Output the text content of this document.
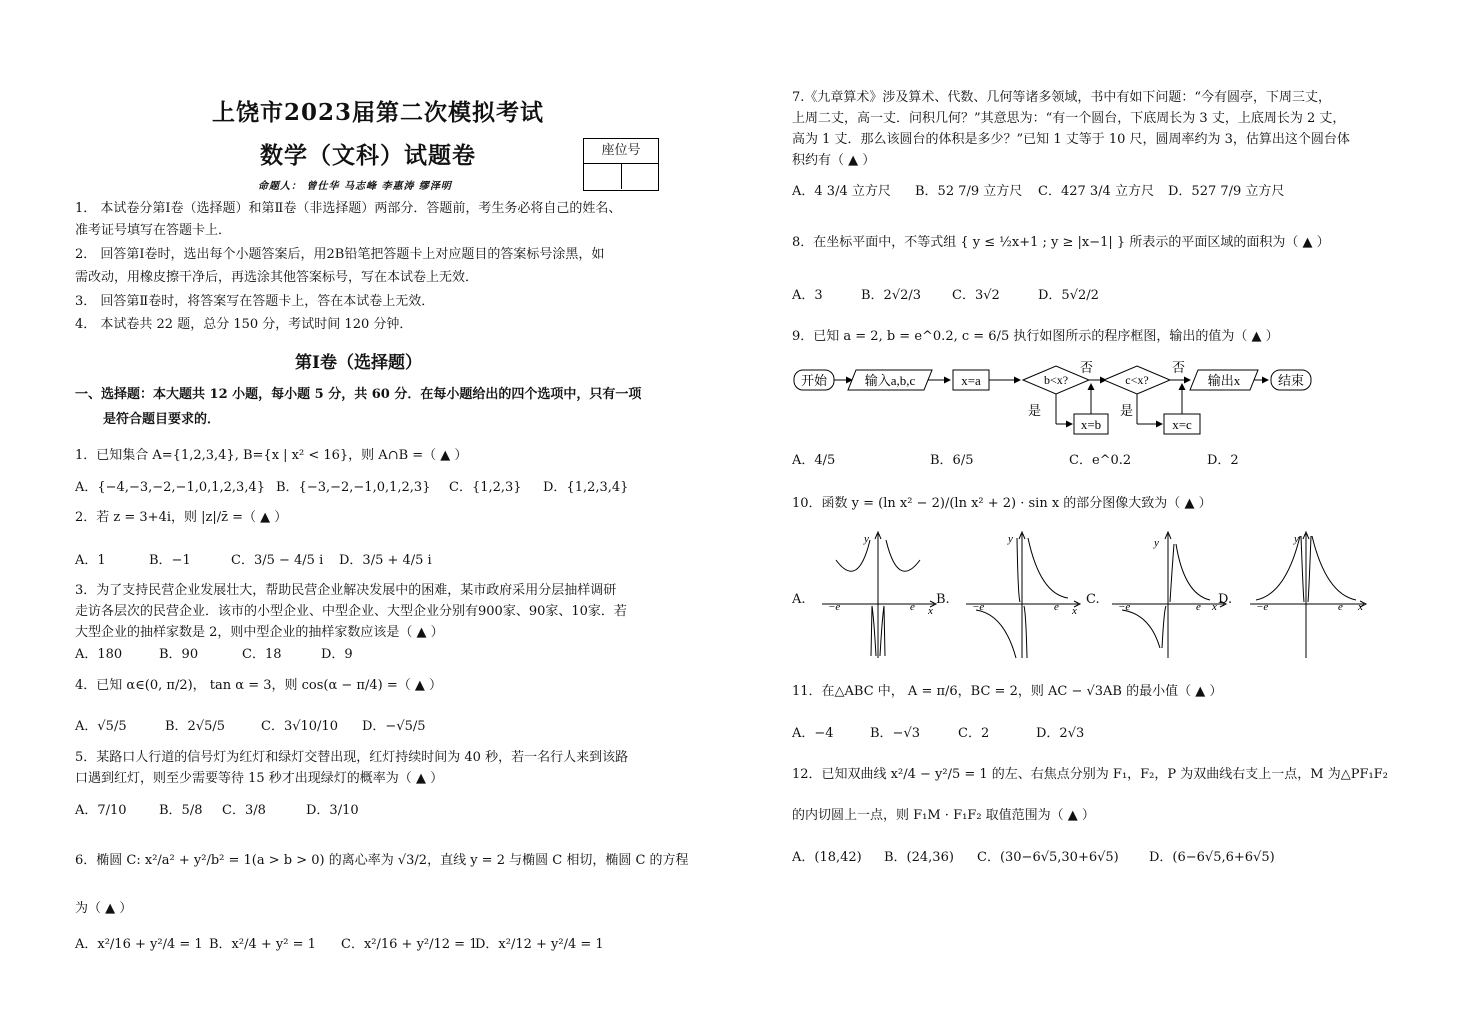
上饶市2023届第二次模拟考试
数学（文科）试题卷	座位号
命题人： 曾仕华 马志峰 李惠涛 缪泽明
1． 本试卷分第Ⅰ卷（选择题）和第Ⅱ卷（非选择题）两部分．答题前，考生务必将自己的姓名、
准考证号填写在答题卡上．
2． 回答第Ⅰ卷时，选出每个小题答案后，用2B铅笔把答题卡上对应题目的答案标号涂黑，如
需改动，用橡皮擦干净后，再选涂其他答案标号，写在本试卷上无效．
3． 回答第Ⅱ卷时，将答案写在答题卡上，答在本试卷上无效．
4． 本试卷共 22 题，总分 150 分，考试时间 120 分钟．
第Ⅰ卷（选择题）
一、选择题：本大题共 12 小题，每小题 5 分，共 60 分．在每小题给出的四个选项中，只有一项
是符合题目要求的．
1．已知集合 A={1,2,3,4}, B={x | x² < 16}，则 A∩B =（ ▲ ）
A．{−4,−3,−2,−1,0,1,2,3,4} B．{−3,−2,−1,0,1,2,3} C．{1,2,3} D．{1,2,3,4}
2．若 z = 3+4i，则 |z|/z̄ =（ ▲ ）
A．1	B．−1	C．3/5 − 4/5 i D．3/5 + 4/5 i
3．为了支持民营企业发展壮大，帮助民营企业解决发展中的困难，某市政府采用分层抽样调研
走访各层次的民营企业．该市的小型企业、中型企业、大型企业分别有900家、90家、10家．若
大型企业的抽样家数是 2，则中型企业的抽样家数应该是（ ▲ ）
A．180	B．90	C．18	D．9
4．已知 α∈(0, π/2)， tan α = 3，则 cos(α − π/4) =（ ▲ ）
A．√5/5	B．2√5/5	C．3√10/10 D．−√5/5
5．某路口人行道的信号灯为红灯和绿灯交替出现，红灯持续时间为 40 秒，若一名行人来到该路
口遇到红灯，则至少需要等待 15 秒才出现绿灯的概率为（ ▲ ）
A．7/10 B．5/8 C．3/8	D．3/10
6．椭圆 C: x²/a² + y²/b² = 1(a > b > 0) 的离心率为 √3/2，直线 y = 2 与椭圆 C 相切，椭圆 C 的方程
为（ ▲ ）
A．x²/16 + y²/4 = 1 B．x²/4 + y² = 1 C．x²/16 + y²/12 = 1
D．x²/12 + y²/4 = 1
7.《九章算术》涉及算术、代数、几何等诸多领域，书中有如下问题：“今有圆亭，下周三丈，
上周二丈，高一丈．问积几何？”其意思为：“有一个圆台，下底周长为 3 丈，上底周长为 2 丈，
高为 1 丈．那么该圆台的体积是多少？”已知 1 丈等于 10 尺，圆周率约为 3，估算出这个圆台体
积约有（ ▲ ）
A．4 3/4 立方尺 B．52 7/9 立方尺 C．427 3/4 立方尺 D．527 7/9 立方尺
8．在坐标平面中，不等式组 { y ≤ ½x+1 ; y ≥ |x−1| } 所表示的平面区域的面积为（ ▲ ）
A．3	B．2√2/3 C．3√2	D．5√2/2
9．已知 a = 2, b = e^0.2, c = 6/5 执行如图所示的程序框图，输出的值为（ ▲ ）
开始	输入a,b,c	x=a	b<x?
否
是
x=b
c<x?
否
是
x=c
输出x	结束
A．4/5	B．6/5	C．e^0.2	D．2
10．函数 y = (ln x² − 2)/(ln x² + 2) · sin x 的部分图像大致为（ ▲ ）
A.
y
x
−e	e B.
y
x
−e	e C.
y
x
−e	e D.
y
x
−e	e
11．在△ABC 中， A = π/6，BC = 2，则 AC − √3AB 的最小值（ ▲ ）
A．−4	B．−√3	C．2	D．2√3
12．已知双曲线 x²/4 − y²/5 = 1 的左、右焦点分别为 F₁，F₂，P 为双曲线右支上一点，M 为△PF₁F₂
的内切圆上一点，则 F₁M · F₁F₂ 取值范围为（ ▲ ）
A．(18,42) B．(24,36) C．(30−6√5,30+6√5) D．(6−6√5,6+6√5)
